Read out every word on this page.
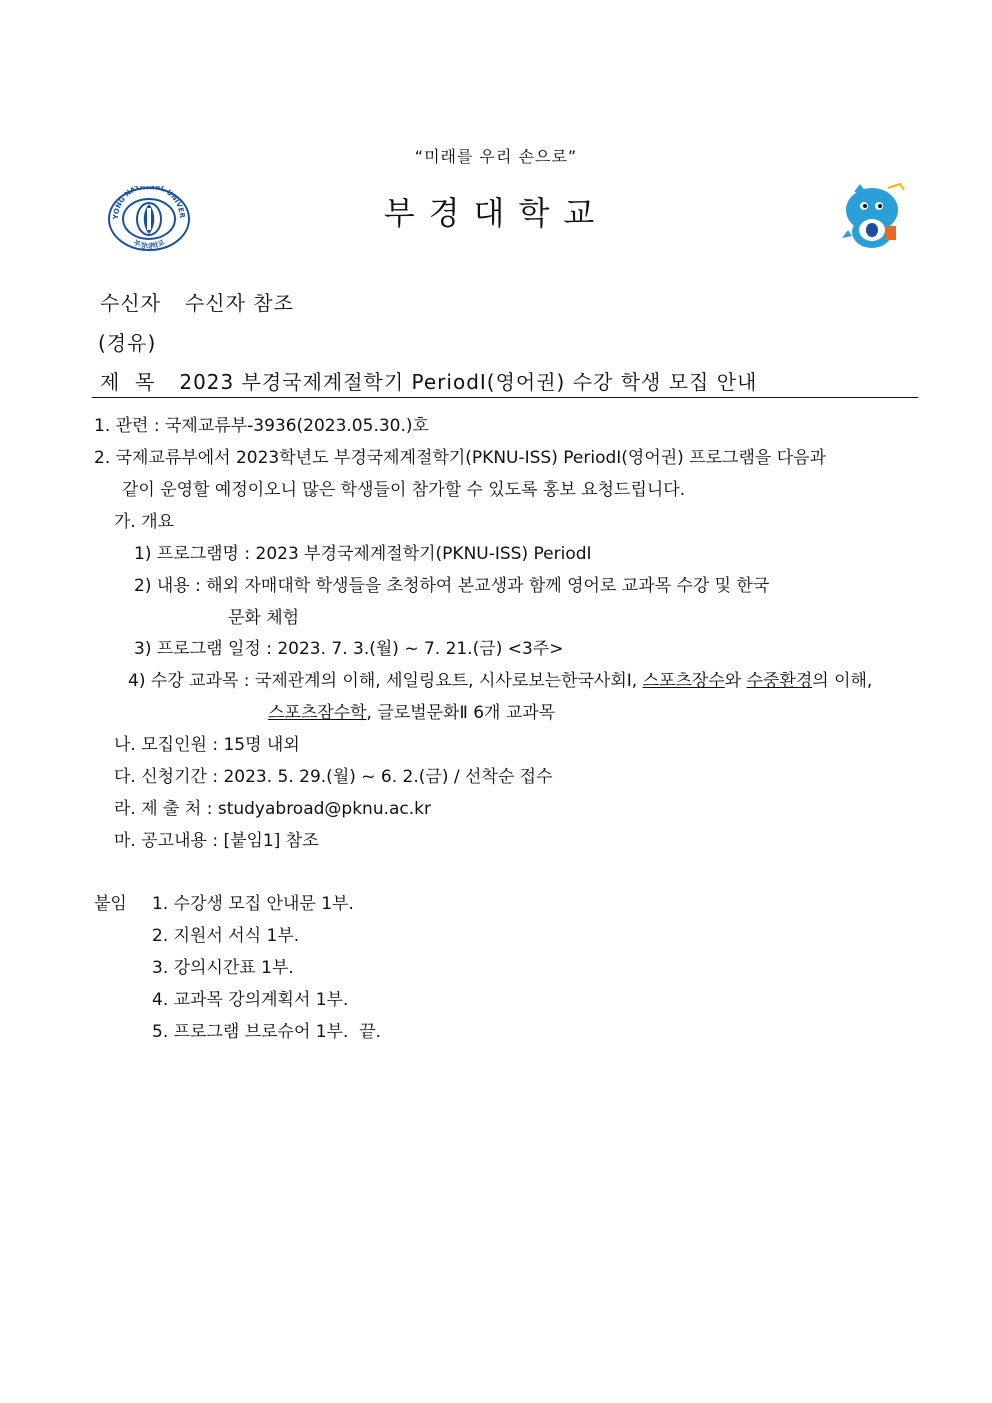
“미래를 우리 손으로”
YONG NATIONAL UNIVER
부경대학교
부경대학교
수신자 수신자 참조
(경유)
제  목 2023 부경국제계절학기 PeriodⅠ(영어권) 수강 학생 모집 안내
1. 관련 : 국제교류부-3936(2023.05.30.)호
2. 국제교류부에서 2023학년도 부경국제계절학기(PKNU-ISS) PeriodⅠ(영어권) 프로그램을 다음과
같이 운영할 예정이오니 많은 학생들이 참가할 수 있도록 홍보 요청드립니다.
가. 개요
1) 프로그램명 : 2023 부경국제계절학기(PKNU-ISS) PeriodⅠ
2) 내용 : 해외 자매대학 학생들을 초청하여 본교생과 함께 영어로 교과목 수강 및 한국
문화 체험
3) 프로그램 일정 : 2023. 7. 3.(월) ~ 7. 21.(금) <3주>
4) 수강 교과목 : 국제관계의 이해, 세일링요트, 시사로보는한국사회Ⅰ, 스포츠장수와 수중환경의 이해,
스포츠잠수학, 글로벌문화Ⅱ 6개 교과목
나. 모집인원 : 15명 내외
다. 신청기간 : 2023. 5. 29.(월) ~ 6. 2.(금) / 선착순 접수
라. 제 출 처 : studyabroad@pknu.ac.kr
마. 공고내용 : [붙임1] 참조
붙임 1. 수강생 모집 안내문 1부.
2. 지원서 서식 1부.
3. 강의시간표 1부.
4. 교과목 강의계획서 1부.
5. 프로그램 브로슈어 1부.  끝.
